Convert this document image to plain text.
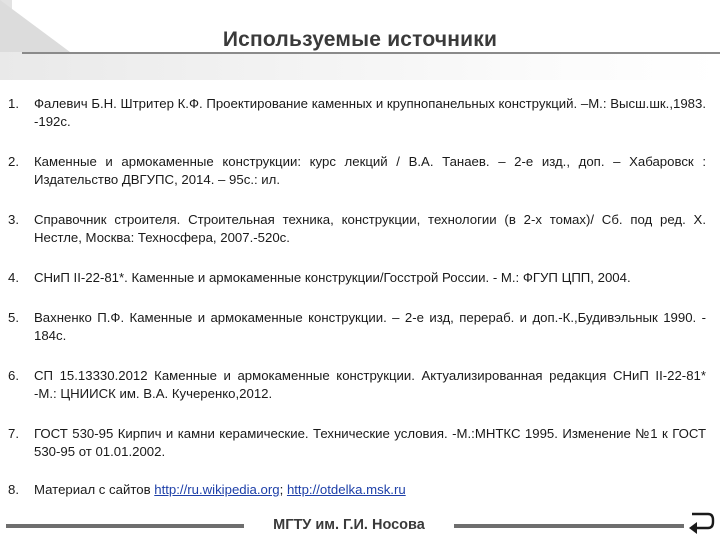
Используемые источники
1. Фалевич Б.Н. Штритер К.Ф. Проектирование каменных и крупнопанельных конструкций. –М.: Высш.шк.,1983. -192с.
2. Каменные и армокаменные конструкции: курс лекций / В.А. Танаев. – 2-е изд., доп. – Хабаровск : Издательство ДВГУПС, 2014. – 95с.: ил.
3. Справочник строителя. Строительная техника, конструкции, технологии (в 2-х томах)/ Сб. под ред. Х. Нестле, Москва: Техносфера, 2007.-520с.
4. СНиП II-22-81*. Каменные и армокаменные конструкции/Госстрой России. - М.: ФГУП ЦПП, 2004.
5. Вахненко П.Ф. Каменные и армокаменные конструкции. – 2-е изд, перераб. и доп.-К.,Будивэльнык 1990. - 184с.
6. СП 15.13330.2012 Каменные и армокаменные конструкции. Актуализированная редакция СНиП II-22-81* -М.: ЦНИИСК им. В.А. Кучеренко,2012.
7. ГОСТ 530-95 Кирпич и камни керамические. Технические условия. -М.:МНТКС 1995. Изменение №1 к ГОСТ 530-95 от 01.01.2002.
8. Материал с сайтов http://ru.wikipedia.org; http://otdelka.msk.ru
МГТУ им. Г.И. Носова
